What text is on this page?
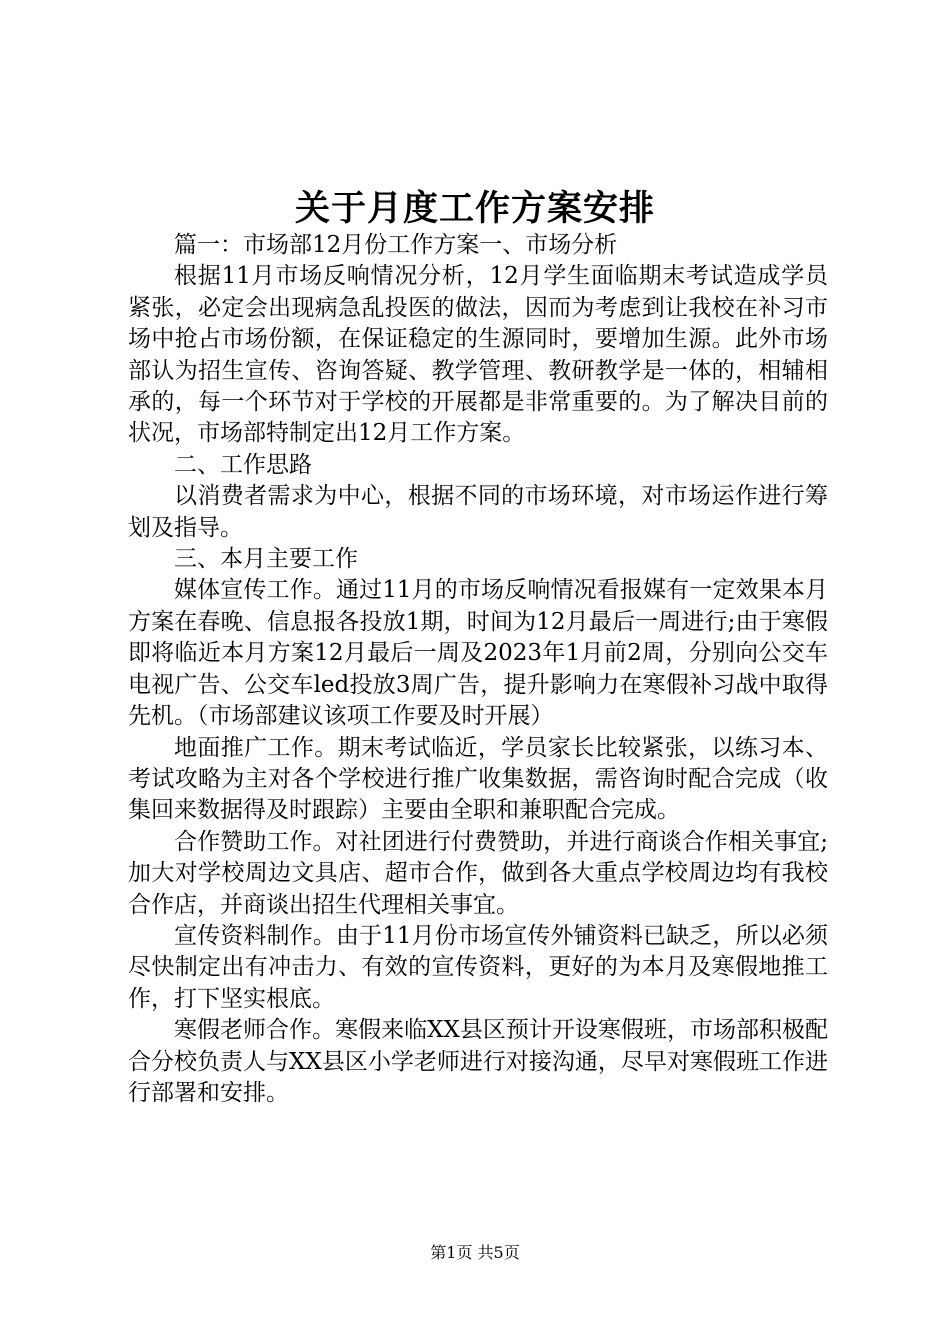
关于月度工作方案安排

篇一：市场部12月份工作方案一、市场分析

根据11月市场反响情况分析，12月学生面临期末考试造成学员紧张，必定会出现病急乱投医的做法，因而为考虑到让我校在补习市场中抢占市场份额，在保证稳定的生源同时，要增加生源。此外市场部认为招生宣传、咨询答疑、教学管理、教研教学是一体的，相辅相承的，每一个环节对于学校的开展都是非常重要的。为了解决目前的状况，市场部特制定出12月工作方案。

二、工作思路

以消费者需求为中心，根据不同的市场环境，对市场运作进行筹划及指导。

三、本月主要工作

媒体宣传工作。通过11月的市场反响情况看报媒有一定效果本月方案在春晚、信息报各投放1期，时间为12月最后一周进行;由于寒假即将临近本月方案12月最后一周及2023年1月前2周，分别向公交车电视广告、公交车led投放3周广告，提升影响力在寒假补习战中取得先机。（市场部建议该项工作要及时开展）

地面推广工作。期末考试临近，学员家长比较紧张，以练习本、考试攻略为主对各个学校进行推广收集数据，需咨询时配合完成（收集回来数据得及时跟踪）主要由全职和兼职配合完成。

合作赞助工作。对社团进行付费赞助，并进行商谈合作相关事宜;加大对学校周边文具店、超市合作，做到各大重点学校周边均有我校合作店，并商谈出招生代理相关事宜。

宣传资料制作。由于11月份市场宣传外铺资料已缺乏，所以必须尽快制定出有冲击力、有效的宣传资料，更好的为本月及寒假地推工作，打下坚实根底。

寒假老师合作。寒假来临XX县区预计开设寒假班，市场部积极配合分校负责人与XX县区小学老师进行对接沟通，尽早对寒假班工作进行部署和安排。

第1页 共5页
